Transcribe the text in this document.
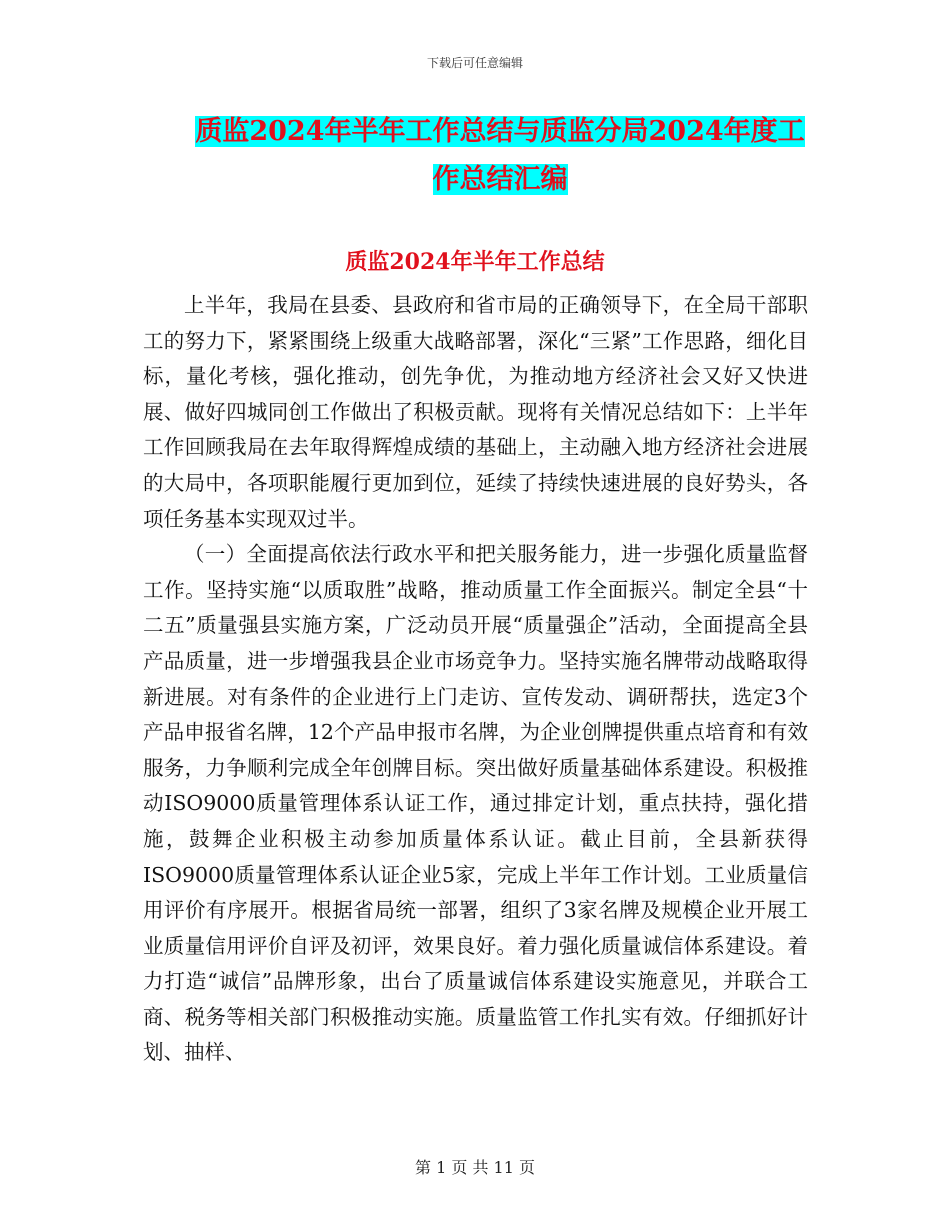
下载后可任意编辑
质监2024年半年工作总结与质监分局2024年度工作总结汇编
质监2024年半年工作总结

上半年，我局在县委、县政府和省市局的正确领导下，在全局干部职工的努力下，紧紧围绕上级重大战略部署，深化“三紧”工作思路，细化目标，量化考核，强化推动，创先争优，为推动地方经济社会又好又快进展、做好四城同创工作做出了积极贡献。现将有关情况总结如下：上半年工作回顾我局在去年取得辉煌成绩的基础上，主动融入地方经济社会进展的大局中，各项职能履行更加到位，延续了持续快速进展的良好势头，各项任务基本实现双过半。

（一）全面提高依法行政水平和把关服务能力，进一步强化质量监督工作。坚持实施“以质取胜”战略，推动质量工作全面振兴。制定全县“十二五”质量强县实施方案，广泛动员开展“质量强企”活动，全面提高全县产品质量，进一步增强我县企业市场竞争力。坚持实施名牌带动战略取得新进展。对有条件的企业进行上门走访、宣传发动、调研帮扶，选定3个产品申报省名牌，12个产品申报市名牌，为企业创牌提供重点培育和有效服务，力争顺利完成全年创牌目标。突出做好质量基础体系建设。积极推动ISO9000质量管理体系认证工作，通过排定计划，重点扶持，强化措施，鼓舞企业积极主动参加质量体系认证。截止目前，全县新获得ISO9000质量管理体系认证企业5家，完成上半年工作计划。工业质量信用评价有序展开。根据省局统一部署，组织了3家名牌及规模企业开展工业质量信用评价自评及初评，效果良好。着力强化质量诚信体系建设。着力打造“诚信”品牌形象，出台了质量诚信体系建设实施意见，并联合工商、税务等相关部门积极推动实施。质量监管工作扎实有效。仔细抓好计划、抽样、

第 1 页 共 11 页
